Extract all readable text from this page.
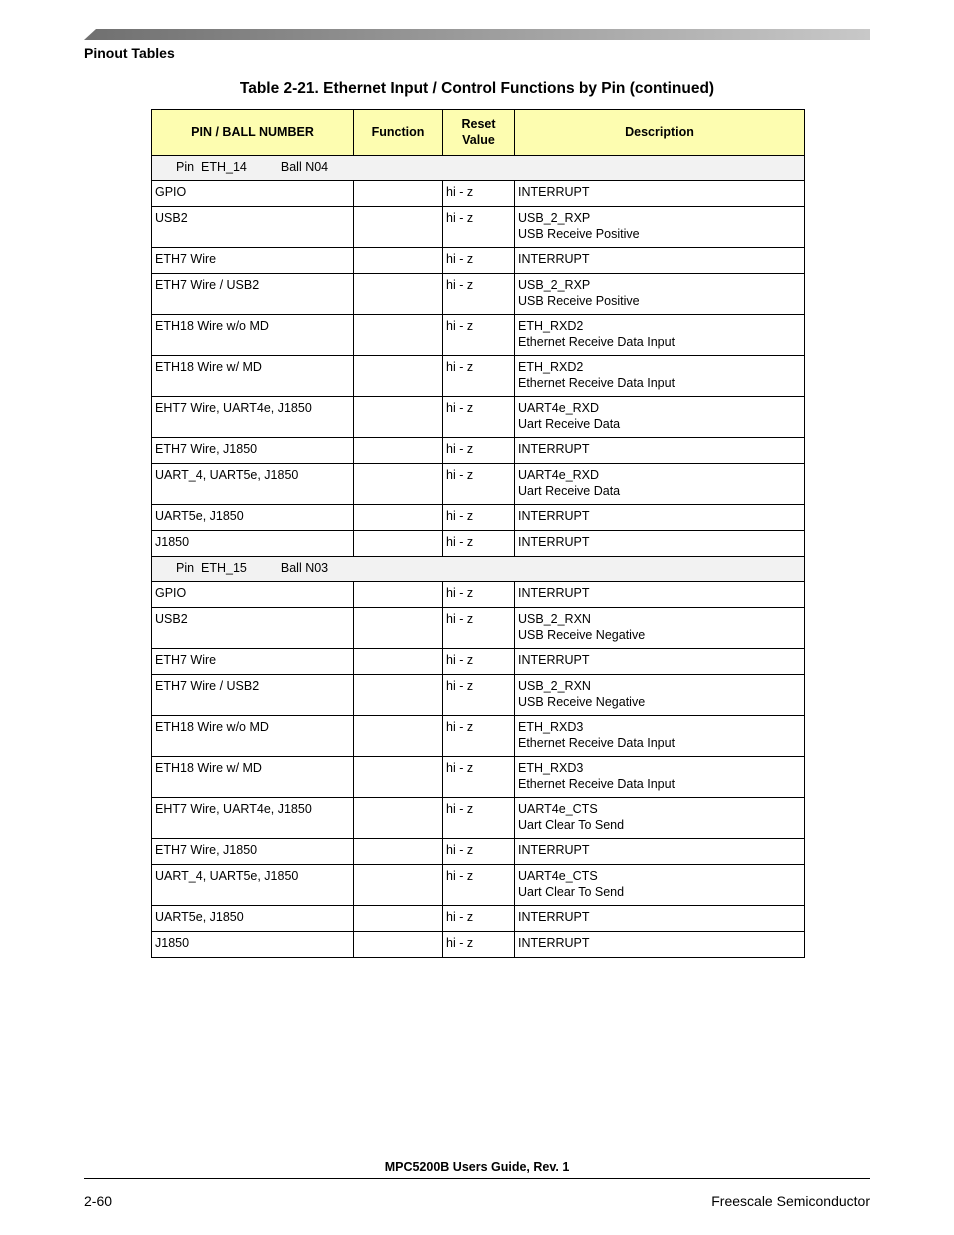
Pinout Tables
Table 2-21. Ethernet Input / Control Functions by Pin (continued)
PIN / BALL NUMBER	Function	Reset
Value	Description
Pin  ETH_14 Ball N04			
GPIO		hi - z	INTERRUPT

USB2		hi - z	USB_2_RXP
USB Receive Positive

ETH7 Wire		hi - z	INTERRUPT

ETH7 Wire / USB2		hi - z	USB_2_RXP
USB Receive Positive

ETH18 Wire w/o MD		hi - z	ETH_RXD2
Ethernet Receive Data Input

ETH18 Wire w/ MD		hi - z	ETH_RXD2
Ethernet Receive Data Input

EHT7 Wire, UART4e, J1850		hi - z	UART4e_RXD
Uart Receive Data

ETH7 Wire, J1850		hi - z	INTERRUPT

UART_4, UART5e, J1850		hi - z	UART4e_RXD
Uart Receive Data

UART5e, J1850		hi - z	INTERRUPT

J1850		hi - z	INTERRUPT

Pin  ETH_15 Ball N03			
GPIO		hi - z	INTERRUPT

USB2		hi - z	USB_2_RXN
USB Receive Negative

ETH7 Wire		hi - z	INTERRUPT

ETH7 Wire / USB2		hi - z	USB_2_RXN
USB Receive Negative

ETH18 Wire w/o MD		hi - z	ETH_RXD3
Ethernet Receive Data Input

ETH18 Wire w/ MD		hi - z	ETH_RXD3
Ethernet Receive Data Input

EHT7 Wire, UART4e, J1850		hi - z	UART4e_CTS
Uart Clear To Send

ETH7 Wire, J1850		hi - z	INTERRUPT

UART_4, UART5e, J1850		hi - z	UART4e_CTS
Uart Clear To Send

UART5e, J1850		hi - z	INTERRUPT

J1850		hi - z	INTERRUPT
MPC5200B Users Guide, Rev. 1
2-60	Freescale Semiconductor
